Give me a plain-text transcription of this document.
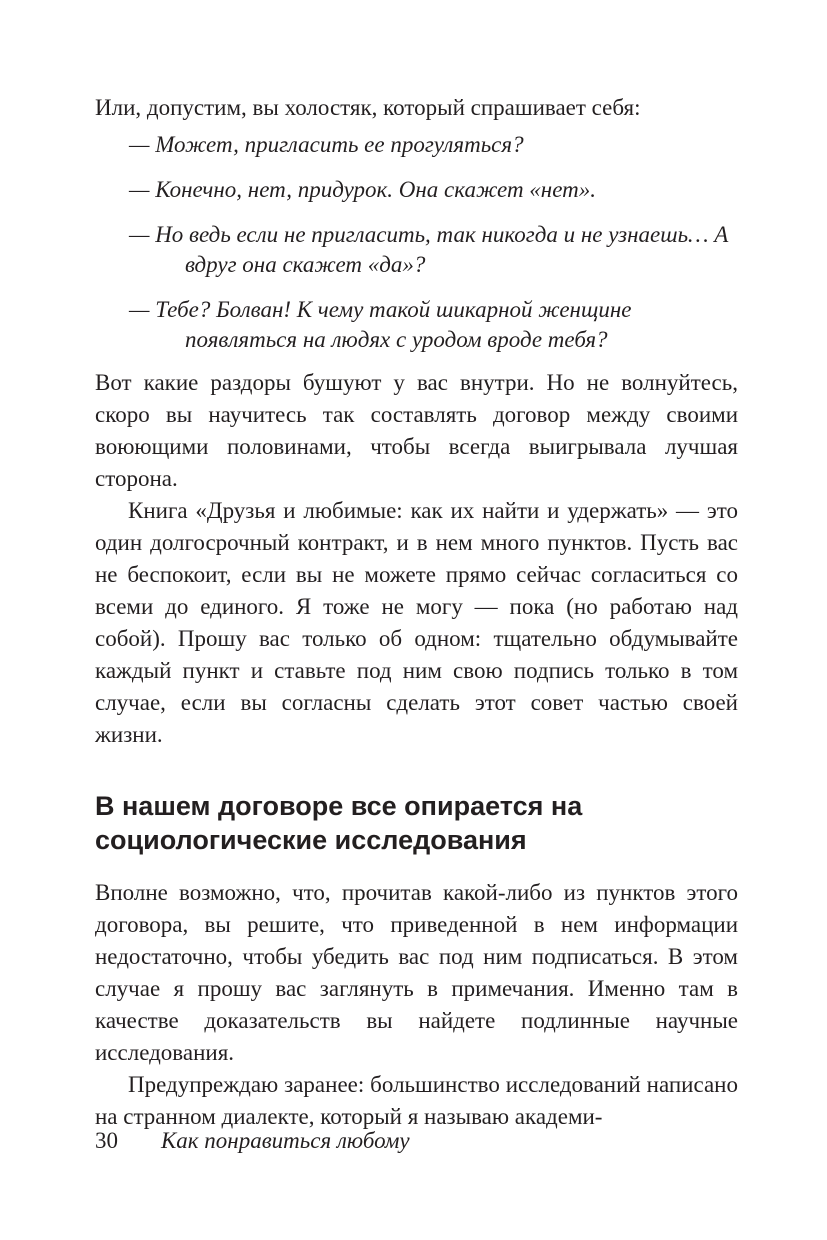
Или, допустим, вы холостяк, который спрашивает себя:

— Может, пригласить ее прогуляться?
— Конечно, нет, придурок. Она скажет «нет».
— Но ведь если не пригласить, так никогда и не узнаешь… А вдруг она скажет «да»?
— Тебе? Болван! К чему такой шикарной женщине появляться на людях с уродом вроде тебя?

Вот какие раздоры бушуют у вас внутри. Но не волнуйтесь, скоро вы научитесь так составлять договор между своими воюющими половинами, чтобы всегда выигрывала лучшая сторона.

Книга «Друзья и любимые: как их найти и удержать» — это один долгосрочный контракт, и в нем много пунктов. Пусть вас не беспокоит, если вы не можете прямо сейчас согласиться со всеми до единого. Я тоже не могу — пока (но работаю над собой). Прошу вас только об одном: тщательно обдумывайте каждый пункт и ставьте под ним свою подпись только в том случае, если вы согласны сделать этот совет частью своей жизни.

В нашем договоре все опирается на социологические исследования

Вполне возможно, что, прочитав какой-либо из пунктов этого договора, вы решите, что приведенной в нем информации недостаточно, чтобы убедить вас под ним подписаться. В этом случае я прошу вас заглянуть в примечания. Именно там в качестве доказательств вы найдете подлинные научные исследования.

Предупреждаю заранее: большинство исследований написано на странном диалекте, который я называю академи-

30 Как понравиться любому
